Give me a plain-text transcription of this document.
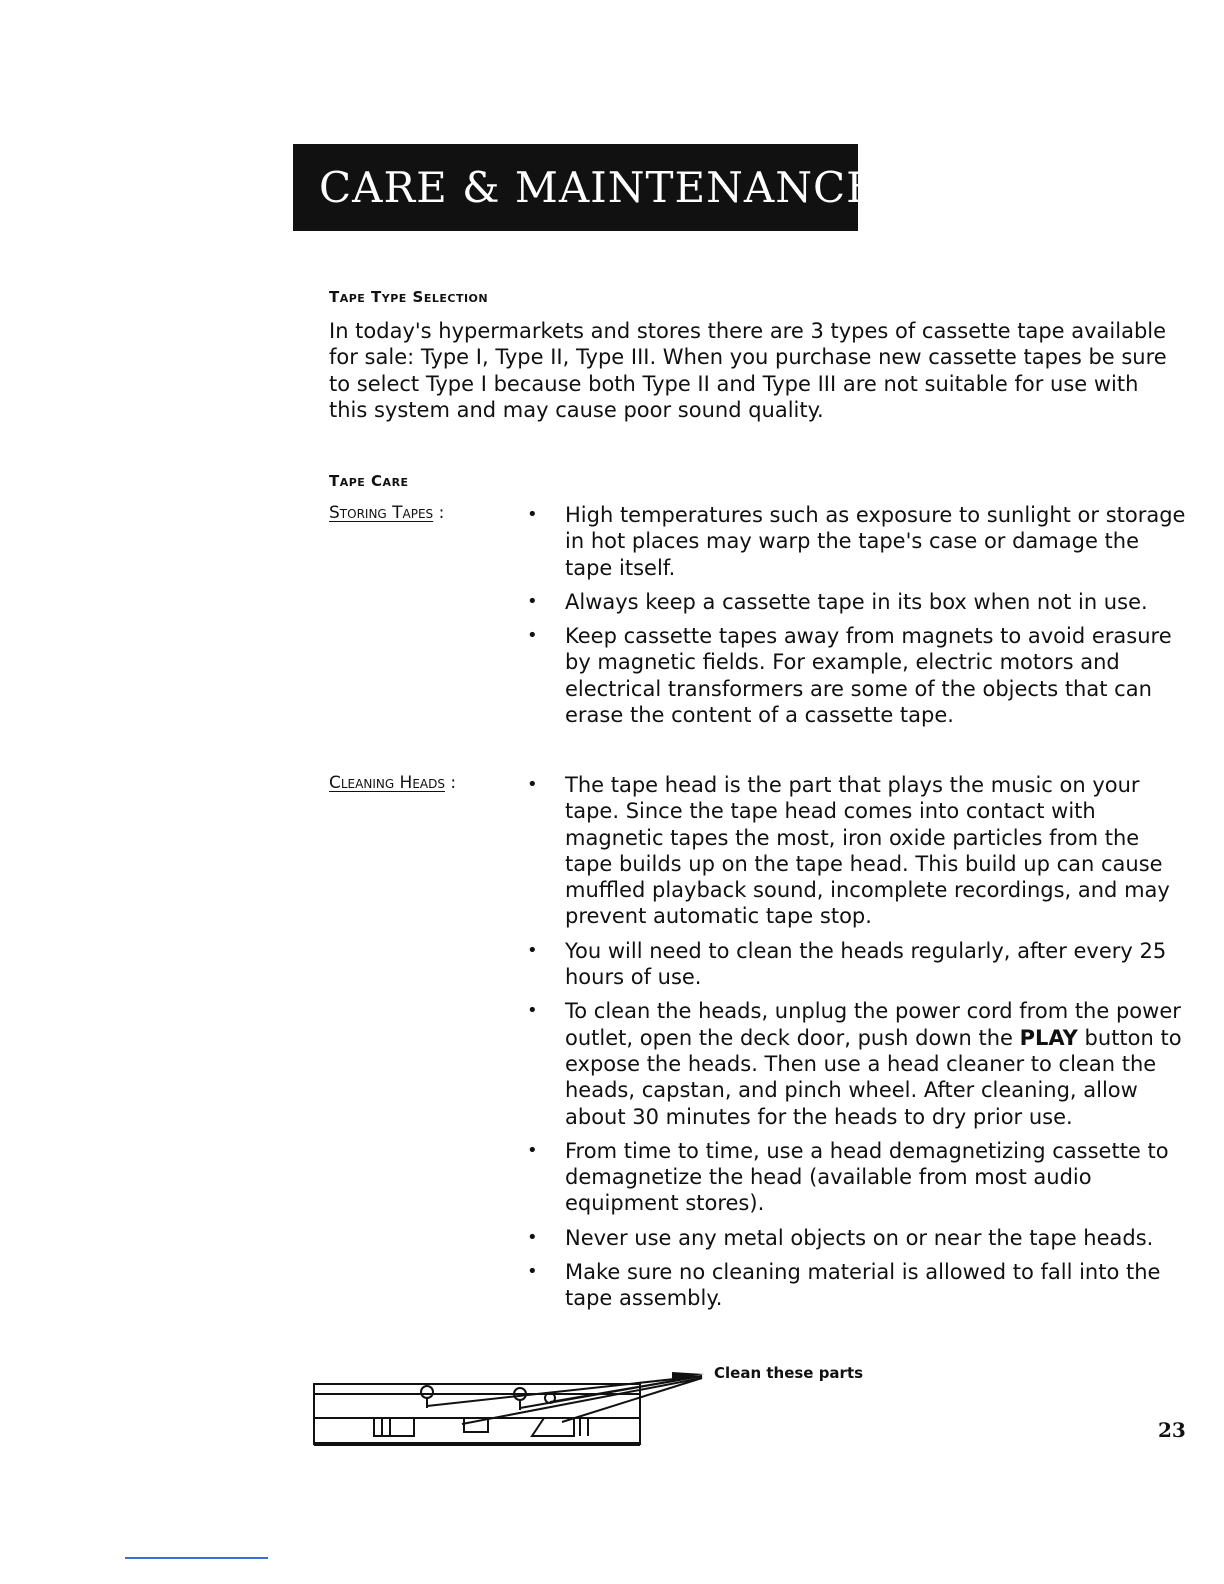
CARE & MAINTENANCE
Tape Type Selection

In today's hypermarkets and stores there are 3 types of cassette tape available for sale: Type I, Type II, Type III. When you purchase new cassette tapes be sure to select Type I because both Type II and Type III are not suitable for use with this system and may cause poor sound quality.

Tape Care
Storing Tapes :	• High temperatures such as exposure to sunlight or storage in hot places may warp the tape's case or damage the tape itself.
• Always keep a cassette tape in its box when not in use.
• Keep cassette tapes away from magnets to avoid erasure by magnetic fields. For example, electric motors and electrical transformers are some of the objects that can erase the content of a cassette tape.
Cleaning Heads :	• The tape head is the part that plays the music on your tape. Since the tape head comes into contact with magnetic tapes the most, iron oxide particles from the tape builds up on the tape head. This build up can cause muffled playback sound, incomplete recordings, and may prevent automatic tape stop.
• You will need to clean the heads regularly, after every 25 hours of use.
• To clean the heads, unplug the power cord from the power outlet, open the deck door, push down the PLAY button to expose the heads. Then use a head cleaner to clean the heads, capstan, and pinch wheel. After cleaning, allow about 30 minutes for the heads to dry prior use.
• From time to time, use a head demagnetizing cassette to demagnetize the head (available from most audio equipment stores).
• Never use any metal objects on or near the tape heads.
• Make sure no cleaning material is allowed to fall into the tape assembly.
Clean these parts
23
